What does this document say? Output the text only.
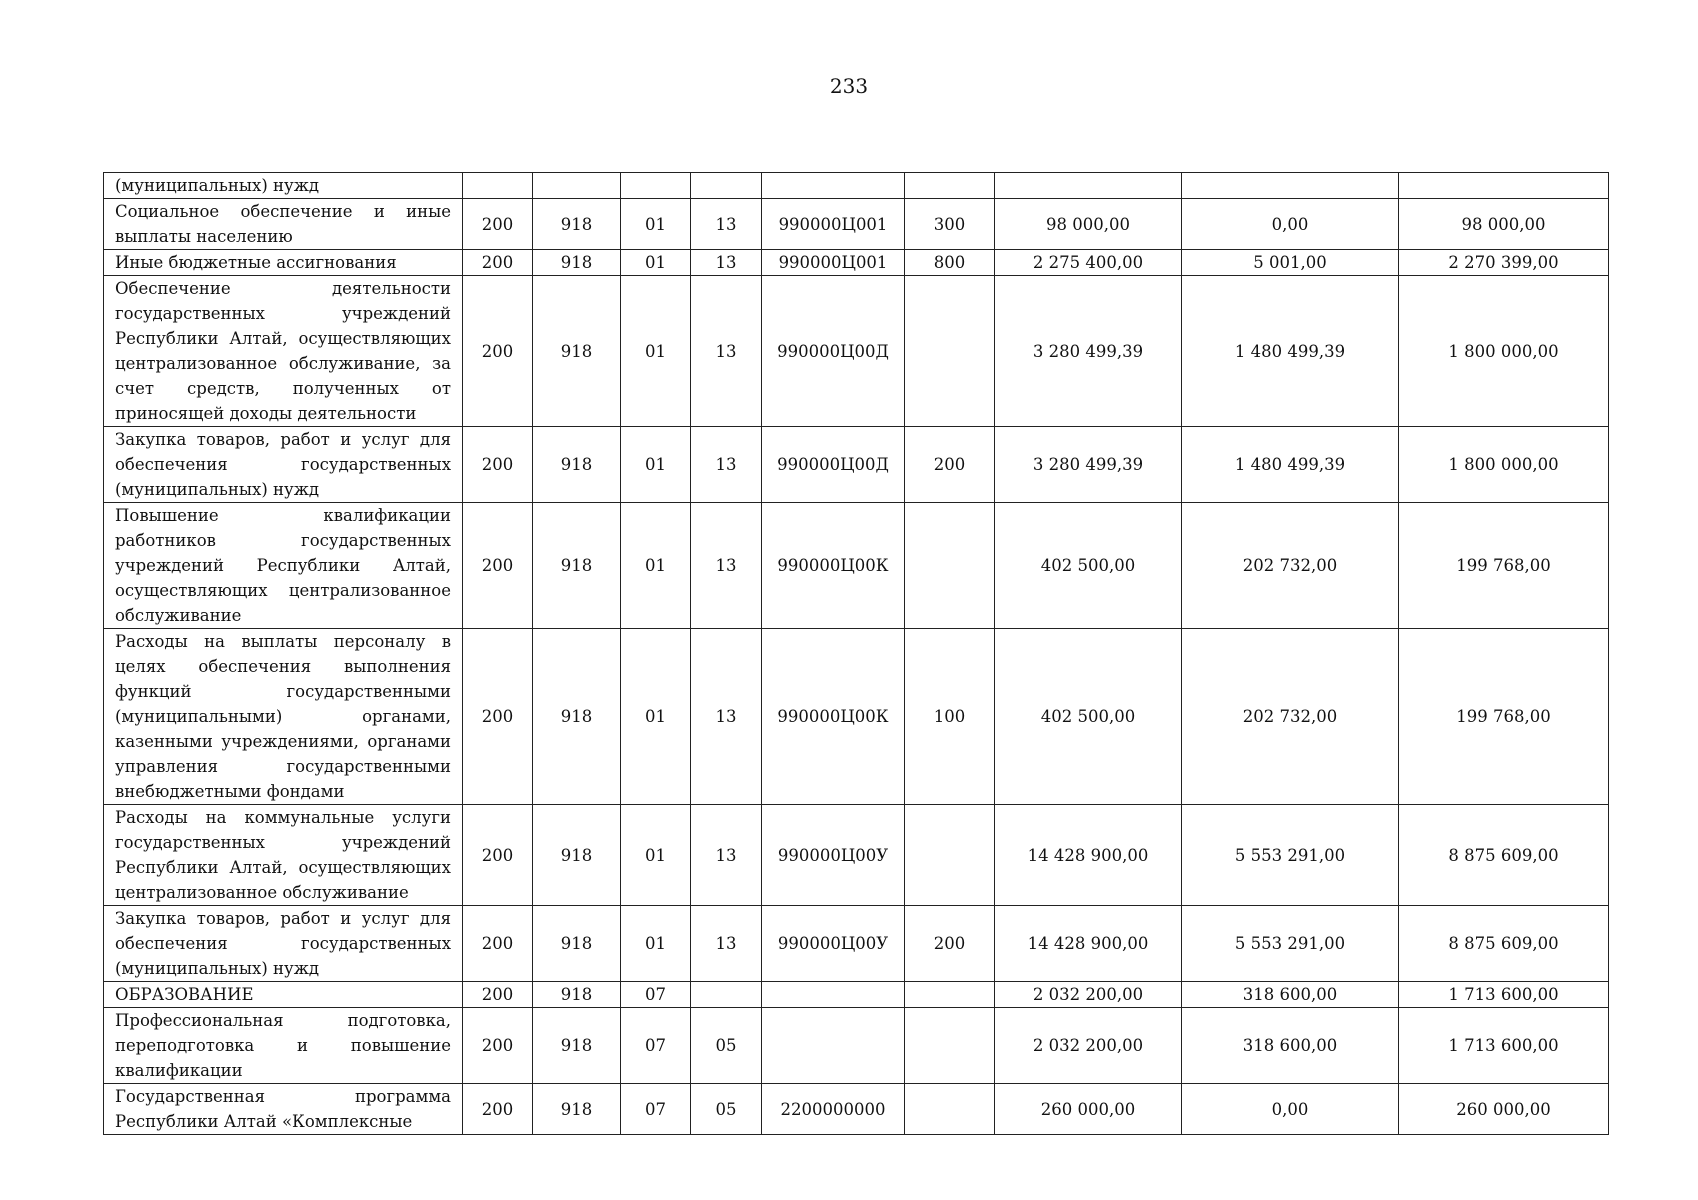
233
(муниципальных) нужд									
Социальное обеспечение и иные выплаты населению	200	918	01	13	990000Ц001	300	98 000,00	0,00	98 000,00
Иные бюджетные ассигнования	200	918	01	13	990000Ц001	800	2 275 400,00	5 001,00	2 270 399,00
Обеспечение деятельности государственных учреждений Республики Алтай, осуществляющих централизованное обслуживание, за счет средств, полученных от приносящей доходы деятельности	200	918	01	13	990000Ц00Д		3 280 499,39	1 480 499,39	1 800 000,00
Закупка товаров, работ и услуг для обеспечения государственных (муниципальных) нужд	200	918	01	13	990000Ц00Д	200	3 280 499,39	1 480 499,39	1 800 000,00
Повышение квалификации работников государственных учреждений Республики Алтай, осуществляющих централизованное обслуживание	200	918	01	13	990000Ц00К		402 500,00	202 732,00	199 768,00
Расходы на выплаты персоналу в целях обеспечения выполнения функций государственными (муниципальными) органами, казенными учреждениями, органами управления государственными внебюджетными фондами	200	918	01	13	990000Ц00К	100	402 500,00	202 732,00	199 768,00
Расходы на коммунальные услуги государственных учреждений Республики Алтай, осуществляющих централизованное обслуживание	200	918	01	13	990000Ц00У		14 428 900,00	5 553 291,00	8 875 609,00
Закупка товаров, работ и услуг для обеспечения государственных (муниципальных) нужд	200	918	01	13	990000Ц00У	200	14 428 900,00	5 553 291,00	8 875 609,00
ОБРАЗОВАНИЕ	200	918	07				2 032 200,00	318 600,00	1 713 600,00
Профессиональная подготовка, переподготовка и повышение квалификации	200	918	07	05			2 032 200,00	318 600,00	1 713 600,00
Государственная программа Республики Алтай «Комплексные	200	918	07	05	2200000000		260 000,00	0,00	260 000,00
